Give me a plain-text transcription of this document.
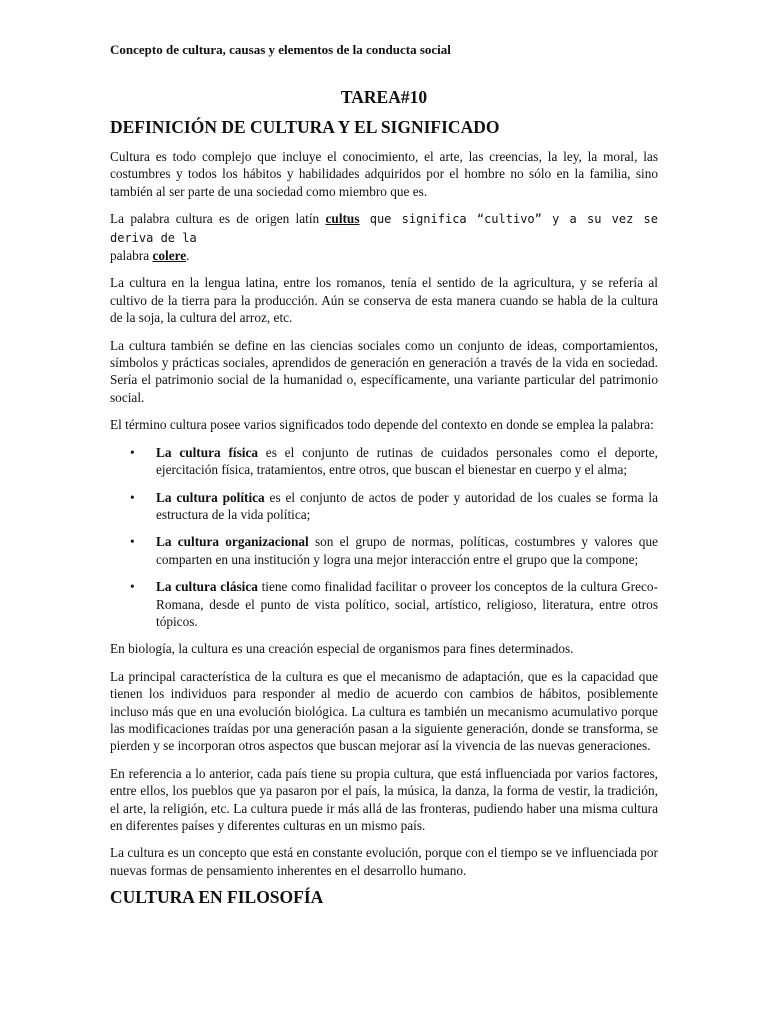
Concepto de cultura, causas y elementos de la conducta social
TAREA#10
DEFINICIÓN DE CULTURA Y EL SIGNIFICADO

Cultura es todo complejo que incluye el conocimiento, el arte, las creencias, la ley, la moral, las costumbres y todos los hábitos y habilidades adquiridos por el hombre no sólo en la familia, sino también al ser parte de una sociedad como miembro que es.

La palabra cultura es de origen latín cultus que significa “cultivo” y a su vez se deriva de la
palabra colere.

La cultura en la lengua latina, entre los romanos, tenía el sentido de la agricultura, y se refería al cultivo de la tierra para la producción. Aún se conserva de esta manera cuando se habla de la cultura de la soja, la cultura del arroz, etc.

La cultura también se define en las ciencias sociales como un conjunto de ideas, comportamientos, símbolos y prácticas sociales, aprendidos de generación en generación a través de la vida en sociedad. Sería el patrimonio social de la humanidad o, específicamente, una variante particular del patrimonio social.

El término cultura posee varios significados todo depende del contexto en donde se emplea la palabra:

• La cultura física es el conjunto de rutinas de cuidados personales como el deporte, ejercitación física, tratamientos, entre otros, que buscan el bienestar en cuerpo y el alma;
• La cultura política es el conjunto de actos de poder y autoridad de los cuales se forma la estructura de la vida política;
• La cultura organizacional son el grupo de normas, políticas, costumbres y valores que comparten en una institución y logra una mejor interacción entre el grupo que la compone;
• La cultura clásica tiene como finalidad facilitar o proveer los conceptos de la cultura Greco- Romana, desde el punto de vista político, social, artístico, religioso, literatura, entre otros tópicos.

En biología, la cultura es una creación especial de organismos para fines determinados.

La principal característica de la cultura es que el mecanismo de adaptación, que es la capacidad que tienen los individuos para responder al medio de acuerdo con cambios de hábitos, posiblemente incluso más que en una evolución biológica. La cultura es también un mecanismo acumulativo porque las modificaciones traídas por una generación pasan a la siguiente generación, donde se transforma, se pierden y se incorporan otros aspectos que buscan mejorar así la vivencia de las nuevas generaciones.

En referencia a lo anterior, cada país tiene su propia cultura, que está influenciada por varios factores, entre ellos, los pueblos que ya pasaron por el país, la música, la danza, la forma de vestir, la tradición, el arte, la religión, etc. La cultura puede ir más allá de las fronteras, pudiendo haber una misma cultura en diferentes países y diferentes culturas en un mismo país.

La cultura es un concepto que está en constante evolución, porque con el tiempo se ve influenciada por nuevas formas de pensamiento inherentes en el desarrollo humano.

CULTURA EN FILOSOFÍA
